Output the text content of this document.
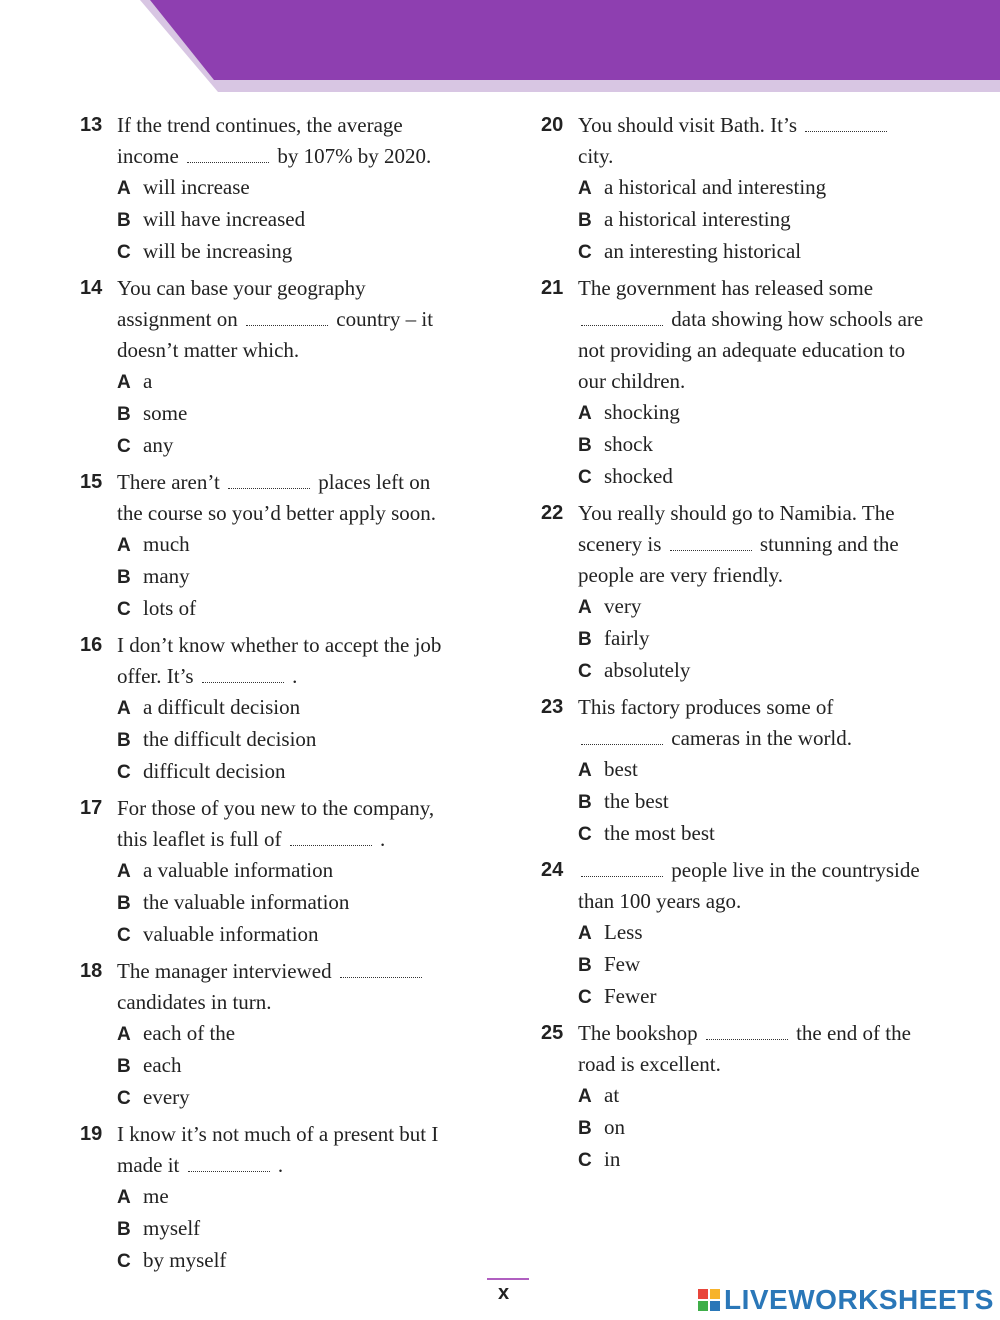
13 If the trend continues, the average
income	by 107% by 2020.
A will increase
B will have increased
C will be increasing
14 You can base your geography
assignment on	country – it
doesn’t matter which.
A a
B some
C any
15 There aren’t	places left on
the course so you’d better apply soon.
A much
B many
C lots of
16 I don’t know whether to accept the job
offer. It’s	.
A a difficult decision
B the difficult decision
C difficult decision
17 For those of you new to the company,
this leaflet is full of	.
A a valuable information
B the valuable information
C valuable information
18 The manager interviewed
candidates in turn.
A each of the
B each
C every
19 I know it’s not much of a present but I
made it	.
A me
B myself
C by myself
20 You should visit Bath. It’s
city.
A a historical and interesting
B a historical interesting
C an interesting historical
21 The government has released some
data showing how schools are
not providing an adequate education to
our children.
A shocking
B shock
C shocked
22 You really should go to Namibia. The
scenery is	stunning and the
people are very friendly.
A very
B fairly
C absolutely
23 This factory produces some of
cameras in the world.
A best
B the best
C the most best
24	people live in the countryside
than 100 years ago.
A Less
B Few
C Fewer
25 The bookshop	the end of the
road is excellent.
A at
B on
C in
x	LIVEWORKSHEETS
